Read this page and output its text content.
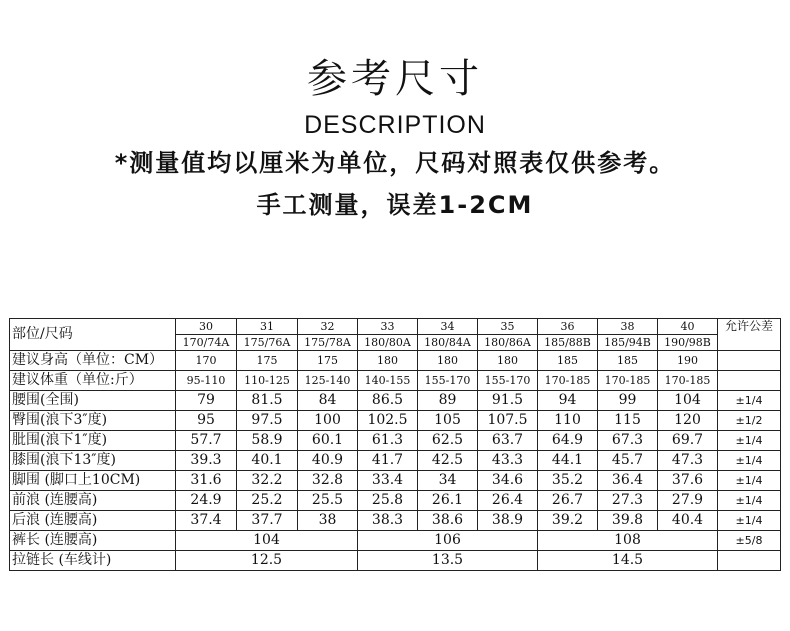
参考尺寸
DESCRIPTION
*测量值均以厘米为单位，尺码对照表仅供参考。
手工测量，误差1-2CM
部位/尺码	30	31	32	33	34	35	36	38	40	允许公差
	170/74A	175/76A	175/78A	180/80A	180/84A	180/86A	185/88B	185/94B	190/98B	
建议身高（单位：CM）	170	175	175	180	180	180	185	185	190	
建议体重（单位:斤）	95-110	110-125	125-140	140-155	155-170	155-170	170-185	170-185	170-185	
腰围(全围)	79	81.5	84	86.5	89	91.5	94	99	104	±1/4
臀围(浪下3″度)	95	97.5	100	102.5	105	107.5	110	115	120	±1/2
肶围(浪下1″度)	57.7	58.9	60.1	61.3	62.5	63.7	64.9	67.3	69.7	±1/4
膝围(浪下13″度)	39.3	40.1	40.9	41.7	42.5	43.3	44.1	45.7	47.3	±1/4
脚围 (脚口上10CM)	31.6	32.2	32.8	33.4	34	34.6	35.2	36.4	37.6	±1/4
前浪 (连腰高)	24.9	25.2	25.5	25.8	26.1	26.4	26.7	27.3	27.9	±1/4
后浪 (连腰高)	37.4	37.7	38	38.3	38.6	38.9	39.2	39.8	40.4	±1/4
裤长 (连腰高)	104			106			108			±5/8
拉链长 (车线计)	12.5			13.5			14.5			
